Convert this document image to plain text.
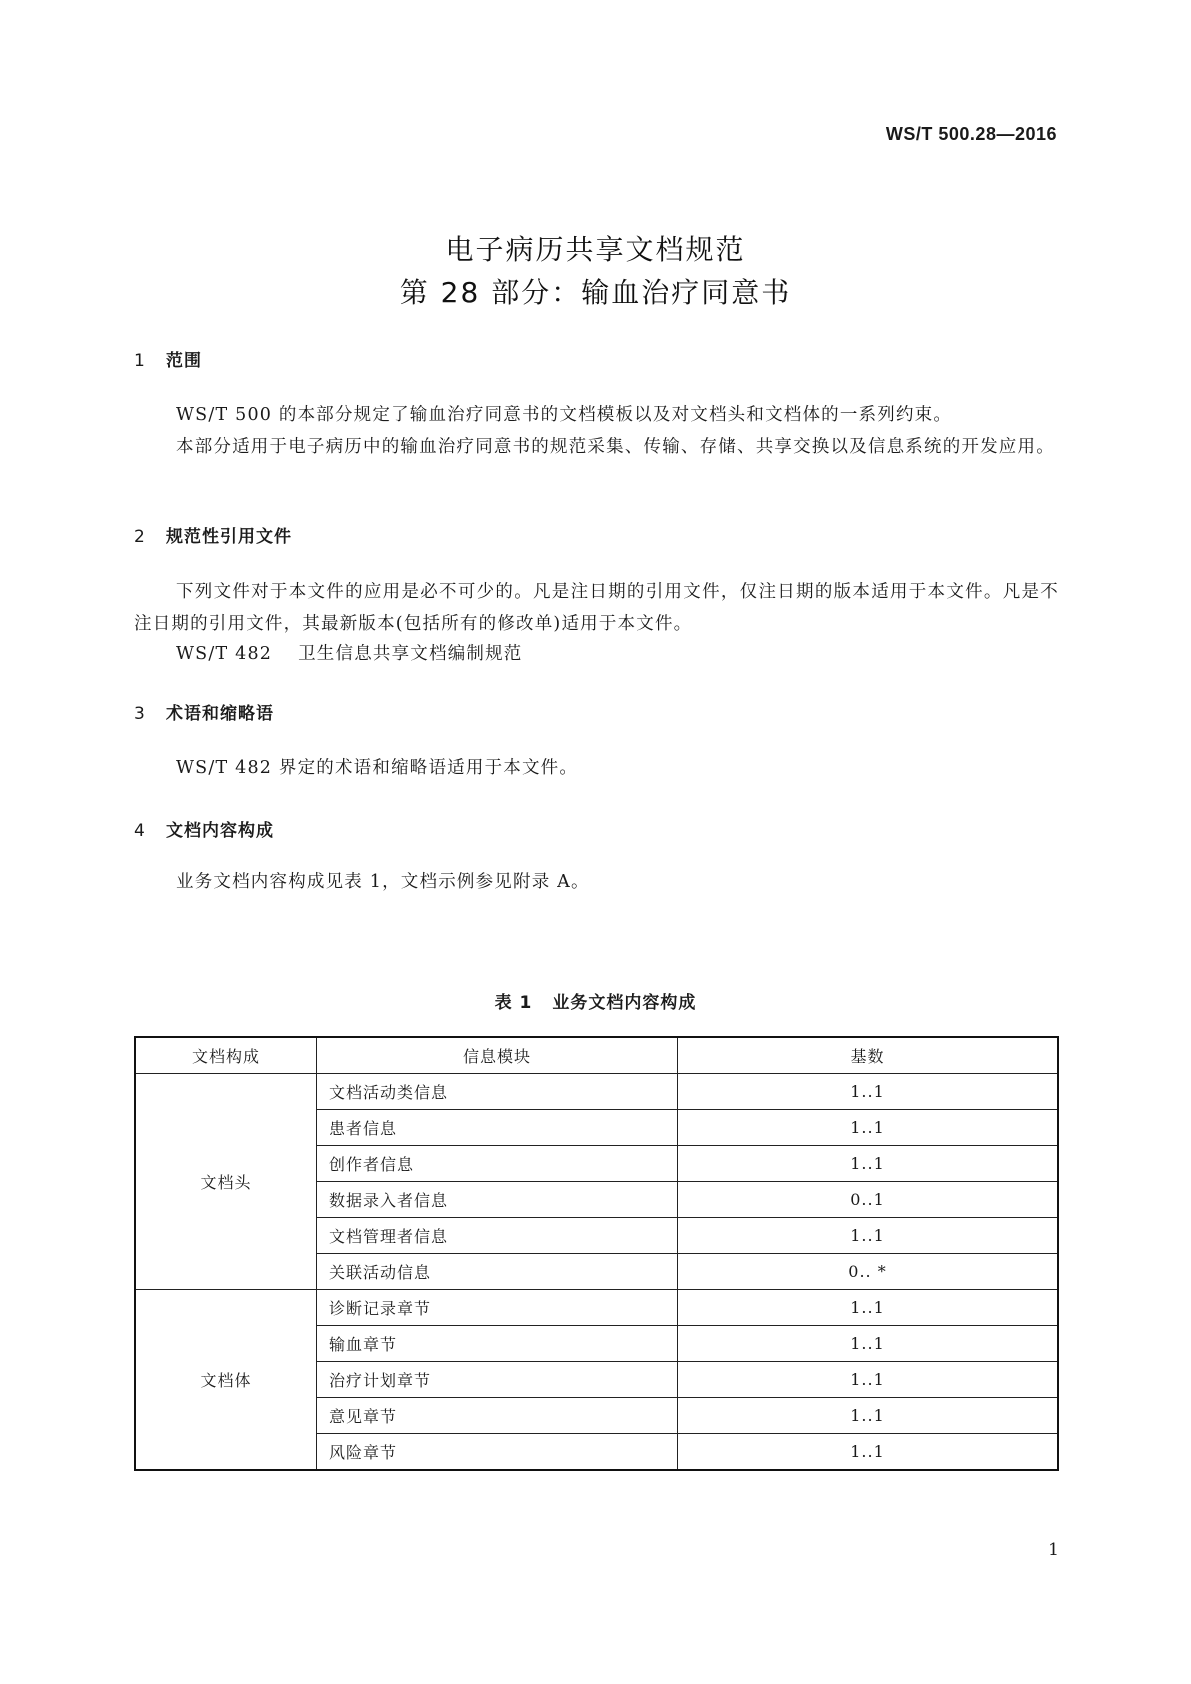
WS/T 500.28—2016
电子病历共享文档规范
第 28 部分：输血治疗同意书
1 范围

WS/T 500 的本部分规定了输血治疗同意书的文档模板以及对文档头和文档体的一系列约束。

本部分适用于电子病历中的输血治疗同意书的规范采集、传输、存储、共享交换以及信息系统的开发应用。

2 规范性引用文件

下列文件对于本文件的应用是必不可少的。凡是注日期的引用文件，仅注日期的版本适用于本文件。凡是不注日期的引用文件，其最新版本(包括所有的修改单)适用于本文件。

WS/T 482 卫生信息共享文档编制规范
3 术语和缩略语

WS/T 482 界定的术语和缩略语适用于本文件。

4 文档内容构成

业务文档内容构成见表 1，文档示例参见附录 A。

表 1 业务文档内容构成
文档构成	信息模块	基数
文档头	文档活动类信息	1..1
	患者信息	1..1
	创作者信息	1..1
	数据录入者信息	0..1
	文档管理者信息	1..1
	关联活动信息	0.. *
文档体	诊断记录章节	1..1
	输血章节	1..1
	治疗计划章节	1..1
	意见章节	1..1
	风险章节	1..1
1
